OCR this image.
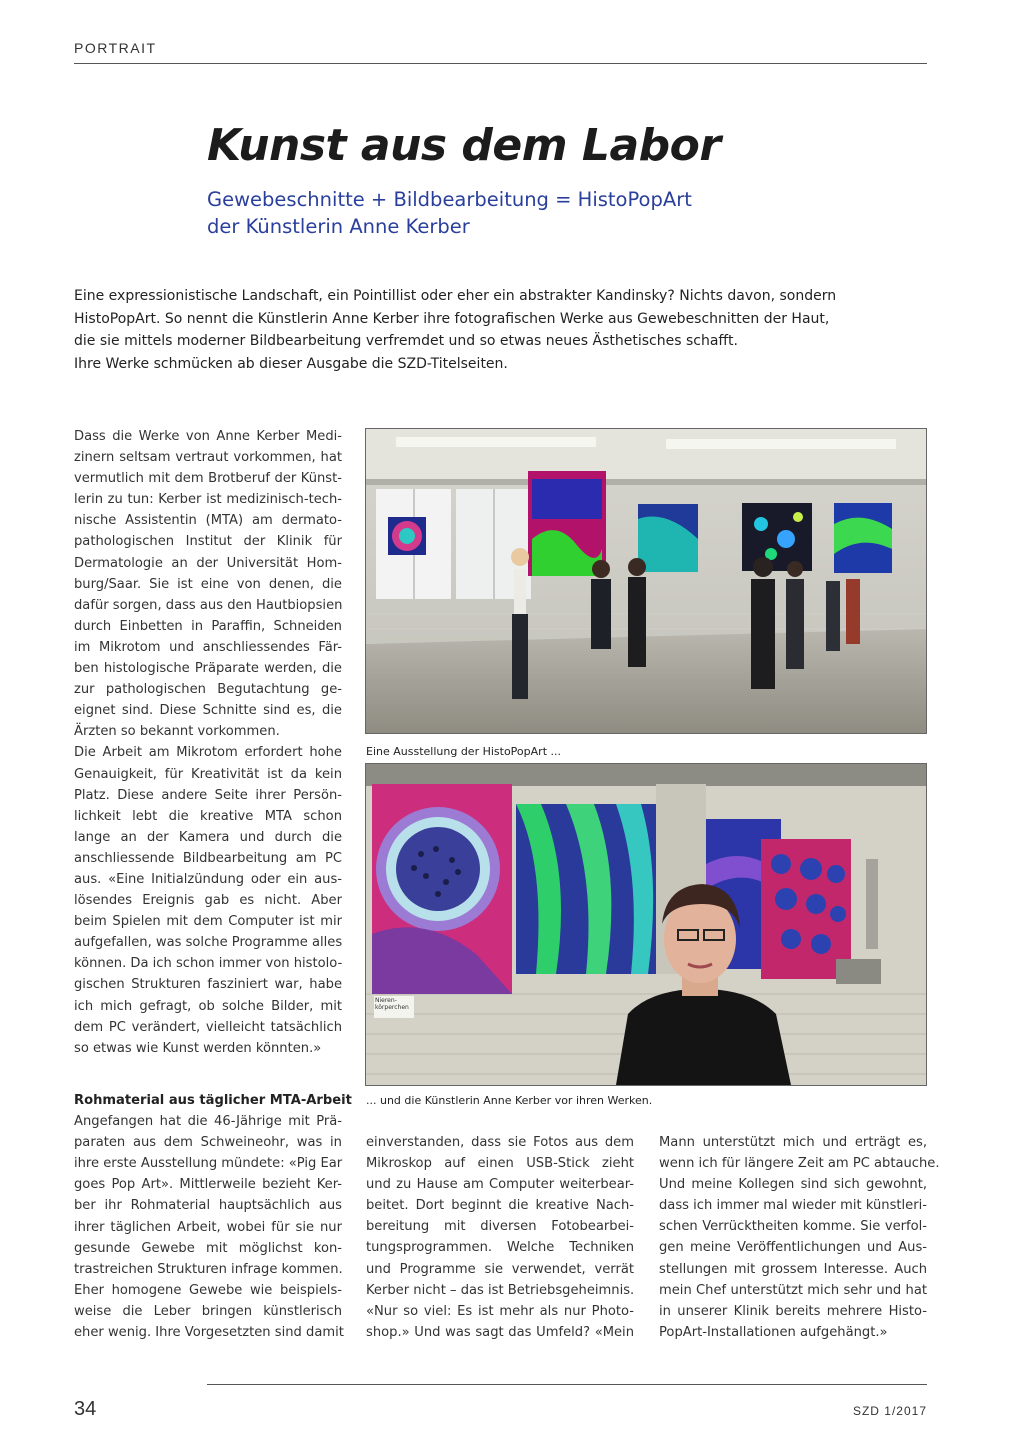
PORTRAIT
Kunst aus dem Labor
Gewebeschnitte + Bildbearbeitung = HistoPopArt
der Künstlerin Anne Kerber
Eine expressionistische Landschaft, ein Pointillist oder eher ein abstrakter Kandinsky? Nichts davon, sondern
HistoPopArt. So nennt die Künstlerin Anne Kerber ihre fotografischen Werke aus Gewebeschnitten der Haut,
die sie mittels moderner Bildbearbeitung verfremdet und so etwas neues Ästhetisches schafft.
Ihre Werke schmücken ab dieser Ausgabe die SZD-Titelseiten.
Dass die Werke von Anne Kerber Medi-
zinern seltsam vertraut vorkommen, hat
vermutlich mit dem Brotberuf der Künst-
lerin zu tun: Kerber ist medizinisch-tech-
nische Assistentin (MTA) am dermato-
pathologischen Institut der Klinik für
Dermatologie an der Universität Hom-
burg/Saar. Sie ist eine von denen, die
dafür sorgen, dass aus den Hautbiopsien
durch Einbetten in Paraffin, Schneiden
im Mikrotom und anschliessendes Fär-
ben histologische Präparate werden, die
zur pathologischen Begutachtung ge-
eignet sind. Diese Schnitte sind es, die
Ärzten so bekannt vorkommen.
Die Arbeit am Mikrotom erfordert hohe
Genauigkeit, für Kreativität ist da kein
Platz. Diese andere Seite ihrer Persön-
lichkeit lebt die kreative MTA schon
lange an der Kamera und durch die
anschliessende Bildbearbeitung am PC
aus. «Eine Initialzündung oder ein aus-
lösendes Ereignis gab es nicht. Aber
beim Spielen mit dem Computer ist mir
aufgefallen, was solche Programme alles
können. Da ich schon immer von histolo-
gischen Strukturen fasziniert war, habe
ich mich gefragt, ob solche Bilder, mit
dem PC verändert, vielleicht tatsächlich
so etwas wie Kunst werden könnten.»
Rohmaterial aus täglicher MTA-Arbeit
Angefangen hat die 46-Jährige mit Prä-
paraten aus dem Schweineohr, was in
ihre erste Ausstellung mündete: «Pig Ear
goes Pop Art». Mittlerweile bezieht Ker-
ber ihr Rohmaterial hauptsächlich aus
ihrer täglichen Arbeit, wobei für sie nur
gesunde Gewebe mit möglichst kon-
trastreichen Strukturen infrage kommen.
Eher homogene Gewebe wie beispiels-
weise die Leber bringen künstlerisch
eher wenig. Ihre Vorgesetzten sind damit
einverstanden, dass sie Fotos aus dem
Mikroskop auf einen USB-Stick zieht
und zu Hause am Computer weiterbear-
beitet. Dort beginnt die kreative Nach-
bereitung mit diversen Fotobearbei-
tungsprogrammen. Welche Techniken
und Programme sie verwendet, verrät
Kerber nicht – das ist Betriebsgeheimnis.
«Nur so viel: Es ist mehr als nur Photo-
shop.» Und was sagt das Umfeld? «Mein
Mann unterstützt mich und erträgt es,
wenn ich für längere Zeit am PC abtauche.
Und meine Kollegen sind sich gewohnt,
dass ich immer mal wieder mit künstleri-
schen Verrücktheiten komme. Sie verfol-
gen meine Veröffentlichungen und Aus-
stellungen mit grossem Interesse. Auch
mein Chef unterstützt mich sehr und hat
in unserer Klinik bereits mehrere Histo-
PopArt-Installationen aufgehängt.»
Eine Ausstellung der HistoPopArt ...
Nieren-
körperchen
... und die Künstlerin Anne Kerber vor ihren Werken.
34	SZD 1/2017
